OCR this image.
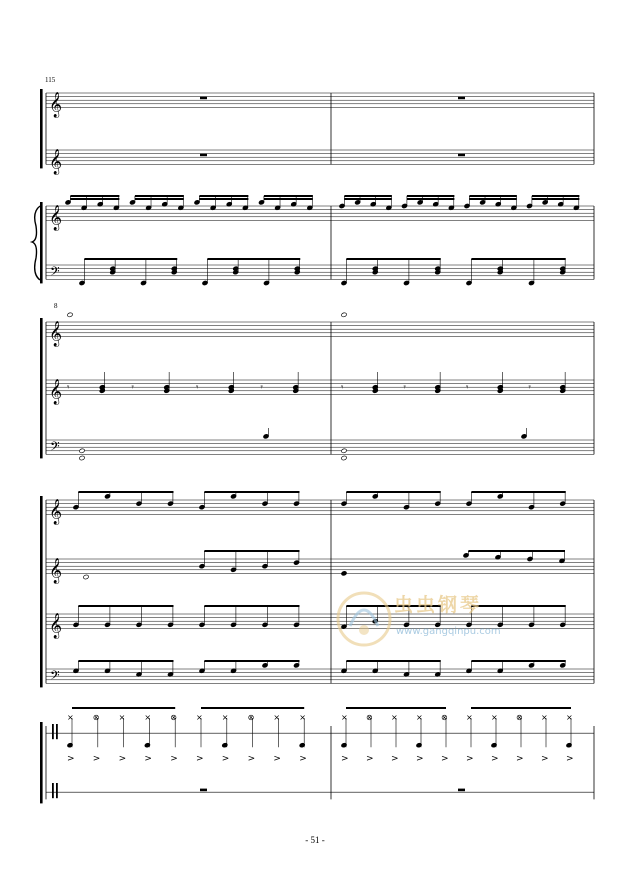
𝄞
𝄞
𝄞
𝄢
𝄞
8
𝄞
𝄢
𝄞
𝄞
𝄞
𝄢
𝄾	𝄾	𝄾	𝄾	𝄾	𝄾	𝄾	𝄾
×
>
⊗
>
×
>
×
>
⊗
>
×
>
×
>
⊗
>
×
>
×
>
×
>
⊗
>
×
>
×
>
⊗
>
×
>
×
>
⊗
>
×
>
×
>
115
虫虫钢琴
www.gangqinpu.com
- 51 -
